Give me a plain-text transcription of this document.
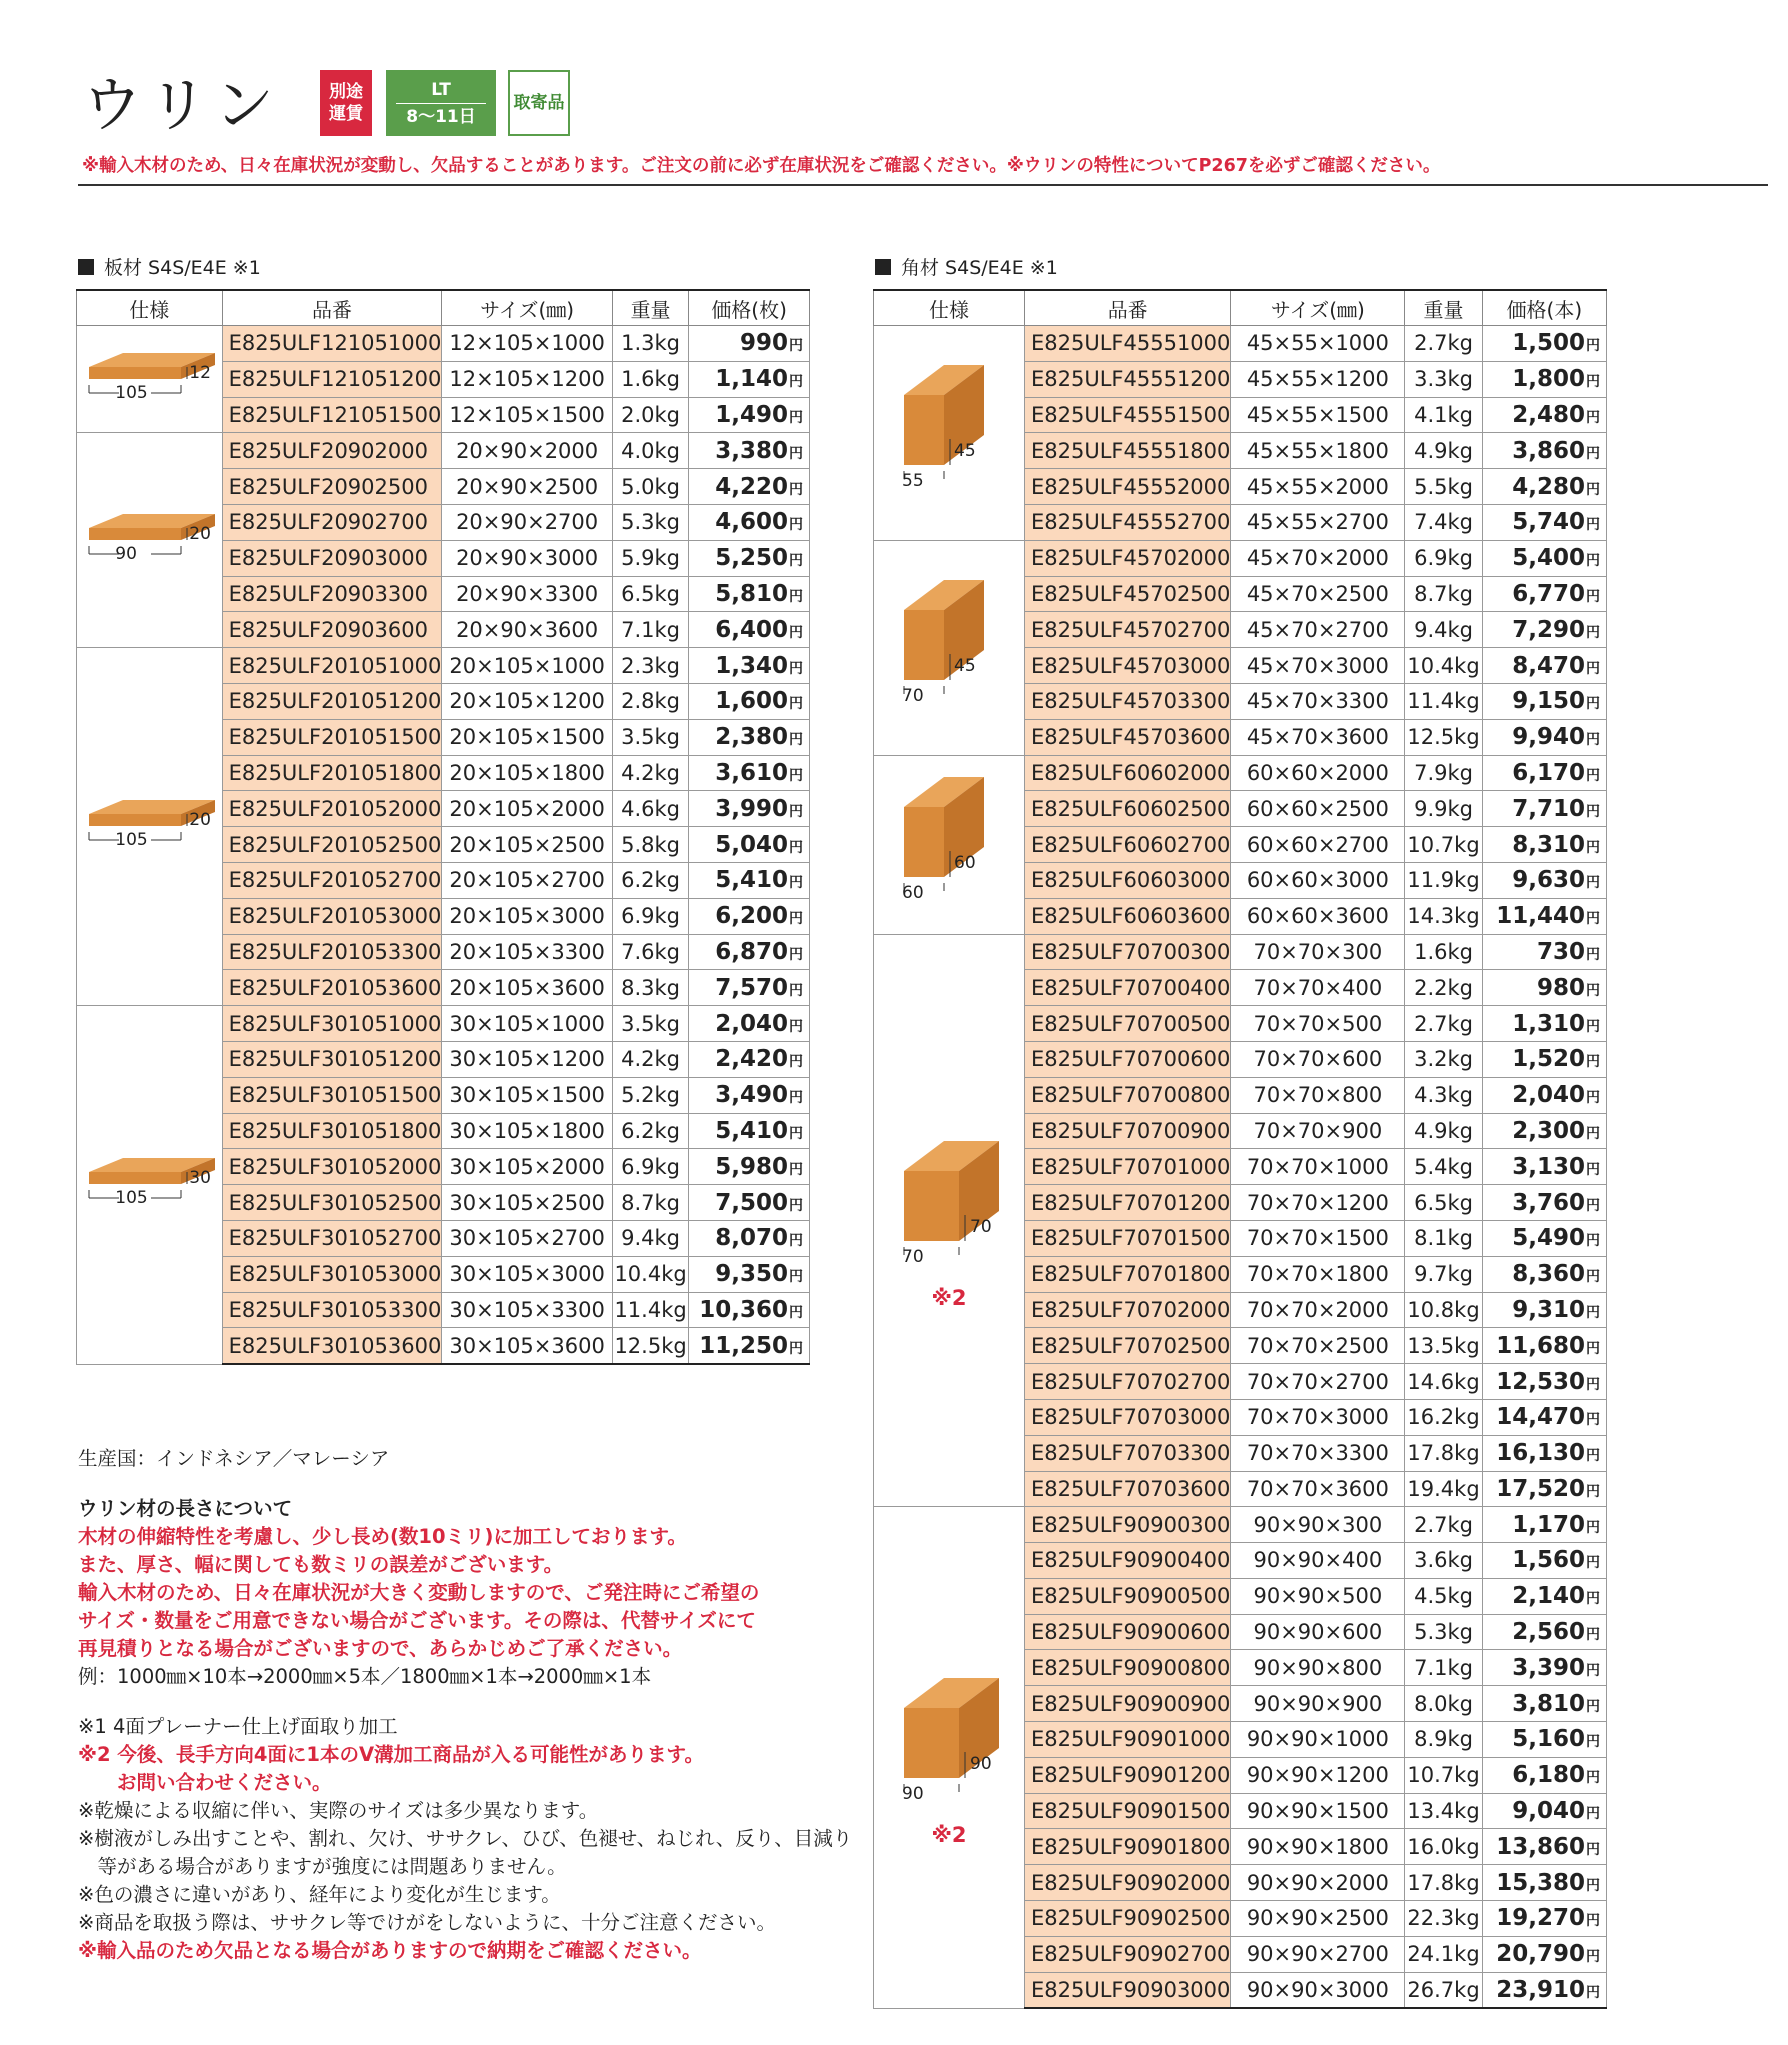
ウリン	別途
運賃
LT
8〜11日
取寄品
※輸入木材のため、日々在庫状況が変動し、欠品することがあります。ご注文の前に必ず在庫状況をご確認ください。※ウリンの特性についてP267を必ずご確認ください。
板材 S4S/E4E ※1	角材 S4S/E4E ※1
仕様	品番	サイズ(㎜)	重量	価格(枚)

105
12	E825ULF121051000	12×105×1000	1.3kg	990円
	E825ULF121051200	12×105×1200	1.6kg	1,140円
	E825ULF121051500	12×105×1500	2.0kg	1,490円

90
20	E825ULF20902000	20×90×2000	4.0kg	3,380円
	E825ULF20902500	20×90×2500	5.0kg	4,220円
	E825ULF20902700	20×90×2700	5.3kg	4,600円
	E825ULF20903000	20×90×3000	5.9kg	5,250円
	E825ULF20903300	20×90×3300	6.5kg	5,810円
	E825ULF20903600	20×90×3600	7.1kg	6,400円

105
20	E825ULF201051000	20×105×1000	2.3kg	1,340円
	E825ULF201051200	20×105×1200	2.8kg	1,600円
	E825ULF201051500	20×105×1500	3.5kg	2,380円
	E825ULF201051800	20×105×1800	4.2kg	3,610円
	E825ULF201052000	20×105×2000	4.6kg	3,990円
	E825ULF201052500	20×105×2500	5.8kg	5,040円
	E825ULF201052700	20×105×2700	6.2kg	5,410円
	E825ULF201053000	20×105×3000	6.9kg	6,200円
	E825ULF201053300	20×105×3300	7.6kg	6,870円
	E825ULF201053600	20×105×3600	8.3kg	7,570円

105
30	E825ULF301051000	30×105×1000	3.5kg	2,040円
	E825ULF301051200	30×105×1200	4.2kg	2,420円
	E825ULF301051500	30×105×1500	5.2kg	3,490円
	E825ULF301051800	30×105×1800	6.2kg	5,410円
	E825ULF301052000	30×105×2000	6.9kg	5,980円
	E825ULF301052500	30×105×2500	8.7kg	7,500円
	E825ULF301052700	30×105×2700	9.4kg	8,070円
	E825ULF301053000	30×105×3000	10.4kg	9,350円
	E825ULF301053300	30×105×3300	11.4kg	10,360円
	E825ULF301053600	30×105×3600	12.5kg	11,250円
仕様	品番	サイズ(㎜)	重量	価格(本)

55
45	E825ULF45551000	45×55×1000	2.7kg	1,500円
	E825ULF45551200	45×55×1200	3.3kg	1,800円
	E825ULF45551500	45×55×1500	4.1kg	2,480円
	E825ULF45551800	45×55×1800	4.9kg	3,860円
	E825ULF45552000	45×55×2000	5.5kg	4,280円
	E825ULF45552700	45×55×2700	7.4kg	5,740円

70
45	E825ULF45702000	45×70×2000	6.9kg	5,400円
	E825ULF45702500	45×70×2500	8.7kg	6,770円
	E825ULF45702700	45×70×2700	9.4kg	7,290円
	E825ULF45703000	45×70×3000	10.4kg	8,470円
	E825ULF45703300	45×70×3300	11.4kg	9,150円
	E825ULF45703600	45×70×3600	12.5kg	9,940円

60
60	E825ULF60602000	60×60×2000	7.9kg	6,170円
	E825ULF60602500	60×60×2500	9.9kg	7,710円
	E825ULF60602700	60×60×2700	10.7kg	8,310円
	E825ULF60603000	60×60×3000	11.9kg	9,630円
	E825ULF60603600	60×60×3600	14.3kg	11,440円

70
70
※2	E825ULF70700300	70×70×300	1.6kg	730円
	E825ULF70700400	70×70×400	2.2kg	980円
	E825ULF70700500	70×70×500	2.7kg	1,310円
	E825ULF70700600	70×70×600	3.2kg	1,520円
	E825ULF70700800	70×70×800	4.3kg	2,040円
	E825ULF70700900	70×70×900	4.9kg	2,300円
	E825ULF70701000	70×70×1000	5.4kg	3,130円
	E825ULF70701200	70×70×1200	6.5kg	3,760円
	E825ULF70701500	70×70×1500	8.1kg	5,490円
	E825ULF70701800	70×70×1800	9.7kg	8,360円
	E825ULF70702000	70×70×2000	10.8kg	9,310円
	E825ULF70702500	70×70×2500	13.5kg	11,680円
	E825ULF70702700	70×70×2700	14.6kg	12,530円
	E825ULF70703000	70×70×3000	16.2kg	14,470円
	E825ULF70703300	70×70×3300	17.8kg	16,130円
	E825ULF70703600	70×70×3600	19.4kg	17,520円

90
90
※2	E825ULF90900300	90×90×300	2.7kg	1,170円
	E825ULF90900400	90×90×400	3.6kg	1,560円
	E825ULF90900500	90×90×500	4.5kg	2,140円
	E825ULF90900600	90×90×600	5.3kg	2,560円
	E825ULF90900800	90×90×800	7.1kg	3,390円
	E825ULF90900900	90×90×900	8.0kg	3,810円
	E825ULF90901000	90×90×1000	8.9kg	5,160円
	E825ULF90901200	90×90×1200	10.7kg	6,180円
	E825ULF90901500	90×90×1500	13.4kg	9,040円
	E825ULF90901800	90×90×1800	16.0kg	13,860円
	E825ULF90902000	90×90×2000	17.8kg	15,380円
	E825ULF90902500	90×90×2500	22.3kg	19,270円
	E825ULF90902700	90×90×2700	24.1kg	20,790円
	E825ULF90903000	90×90×3000	26.7kg	23,910円
生産国：インドネシア／マレーシア
ウリン材の長さについて
木材の伸縮特性を考慮し、少し長め(数10ミリ)に加工しております。
また、厚さ、幅に関しても数ミリの誤差がございます。
輸入木材のため、日々在庫状況が大きく変動しますので、ご発注時にご希望の
サイズ・数量をご用意できない場合がございます。その際は、代替サイズにて
再見積りとなる場合がございますので、あらかじめご了承ください。
例：1000㎜×10本→2000㎜×5本／1800㎜×1本→2000㎜×1本
※1 4面プレーナー仕上げ面取り加工
※2 今後、長手方向4面に1本のV溝加工商品が入る可能性があります。
　　お問い合わせください。
※乾燥による収縮に伴い、実際のサイズは多少異なります。
※樹液がしみ出すことや、割れ、欠け、ササクレ、ひび、色褪せ、ねじれ、反り、目減り
　等がある場合がありますが強度には問題ありません。
※色の濃さに違いがあり、経年により変化が生じます。
※商品を取扱う際は、ササクレ等でけがをしないように、十分ご注意ください。
※輸入品のため欠品となる場合がありますので納期をご確認ください。
